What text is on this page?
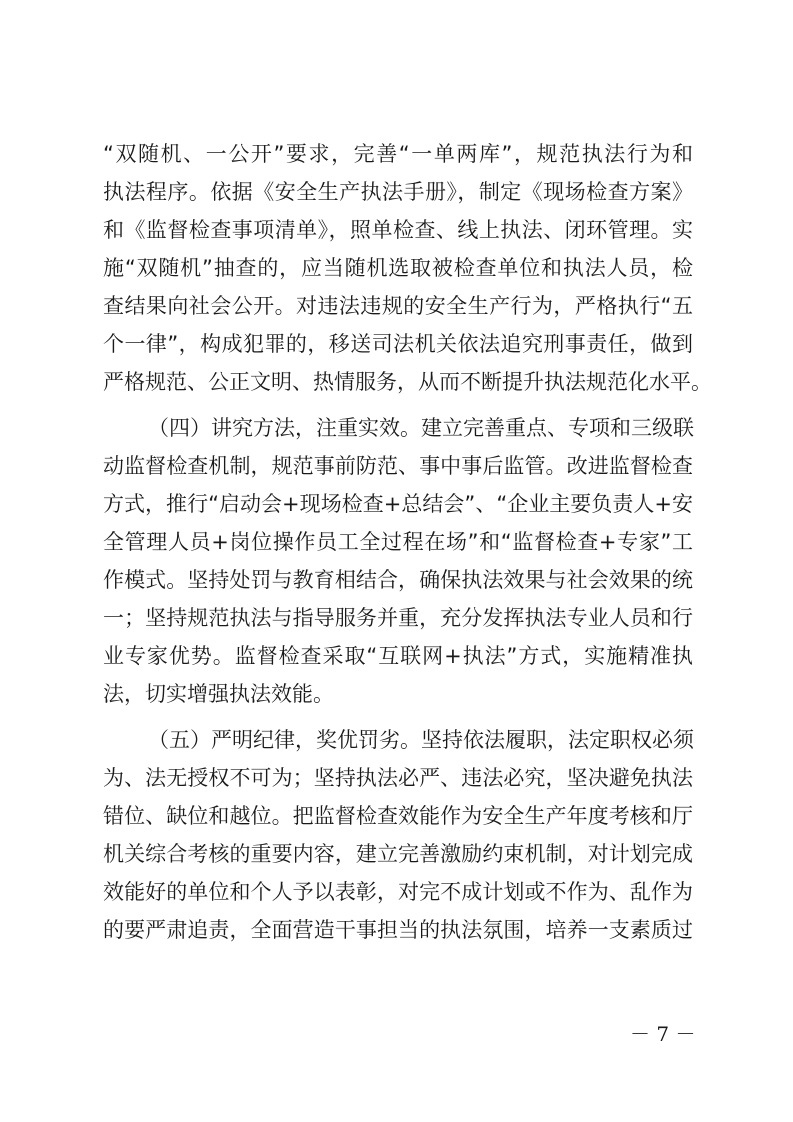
“双随机、一公开”要求，完善“一单两库”，规范执法行为和
执法程序。依据《安全生产执法手册》，制定《现场检查方案》
和《监督检查事项清单》，照单检查、线上执法、闭环管理。实
施“双随机”抽查的，应当随机选取被检查单位和执法人员，检
查结果向社会公开。对违法违规的安全生产行为，严格执行“五
个一律”，构成犯罪的，移送司法机关依法追究刑事责任，做到
严格规范、公正文明、热情服务，从而不断提升执法规范化水平。
（四）讲究方法，注重实效。建立完善重点、专项和三级联
动监督检查机制，规范事前防范、事中事后监管。改进监督检查
方式，推行“启动会+现场检查+总结会”、“企业主要负责人+安
全管理人员+岗位操作员工全过程在场”和“监督检查+专家”工
作模式。坚持处罚与教育相结合，确保执法效果与社会效果的统
一；坚持规范执法与指导服务并重，充分发挥执法专业人员和行
业专家优势。监督检查采取“互联网+执法”方式，实施精准执
法，切实增强执法效能。
（五）严明纪律，奖优罚劣。坚持依法履职，法定职权必须
为、法无授权不可为；坚持执法必严、违法必究，坚决避免执法
错位、缺位和越位。把监督检查效能作为安全生产年度考核和厅
机关综合考核的重要内容，建立完善激励约束机制，对计划完成
效能好的单位和个人予以表彰，对完不成计划或不作为、乱作为
的要严肃追责，全面营造干事担当的执法氛围，培养一支素质过
－ 7 －
